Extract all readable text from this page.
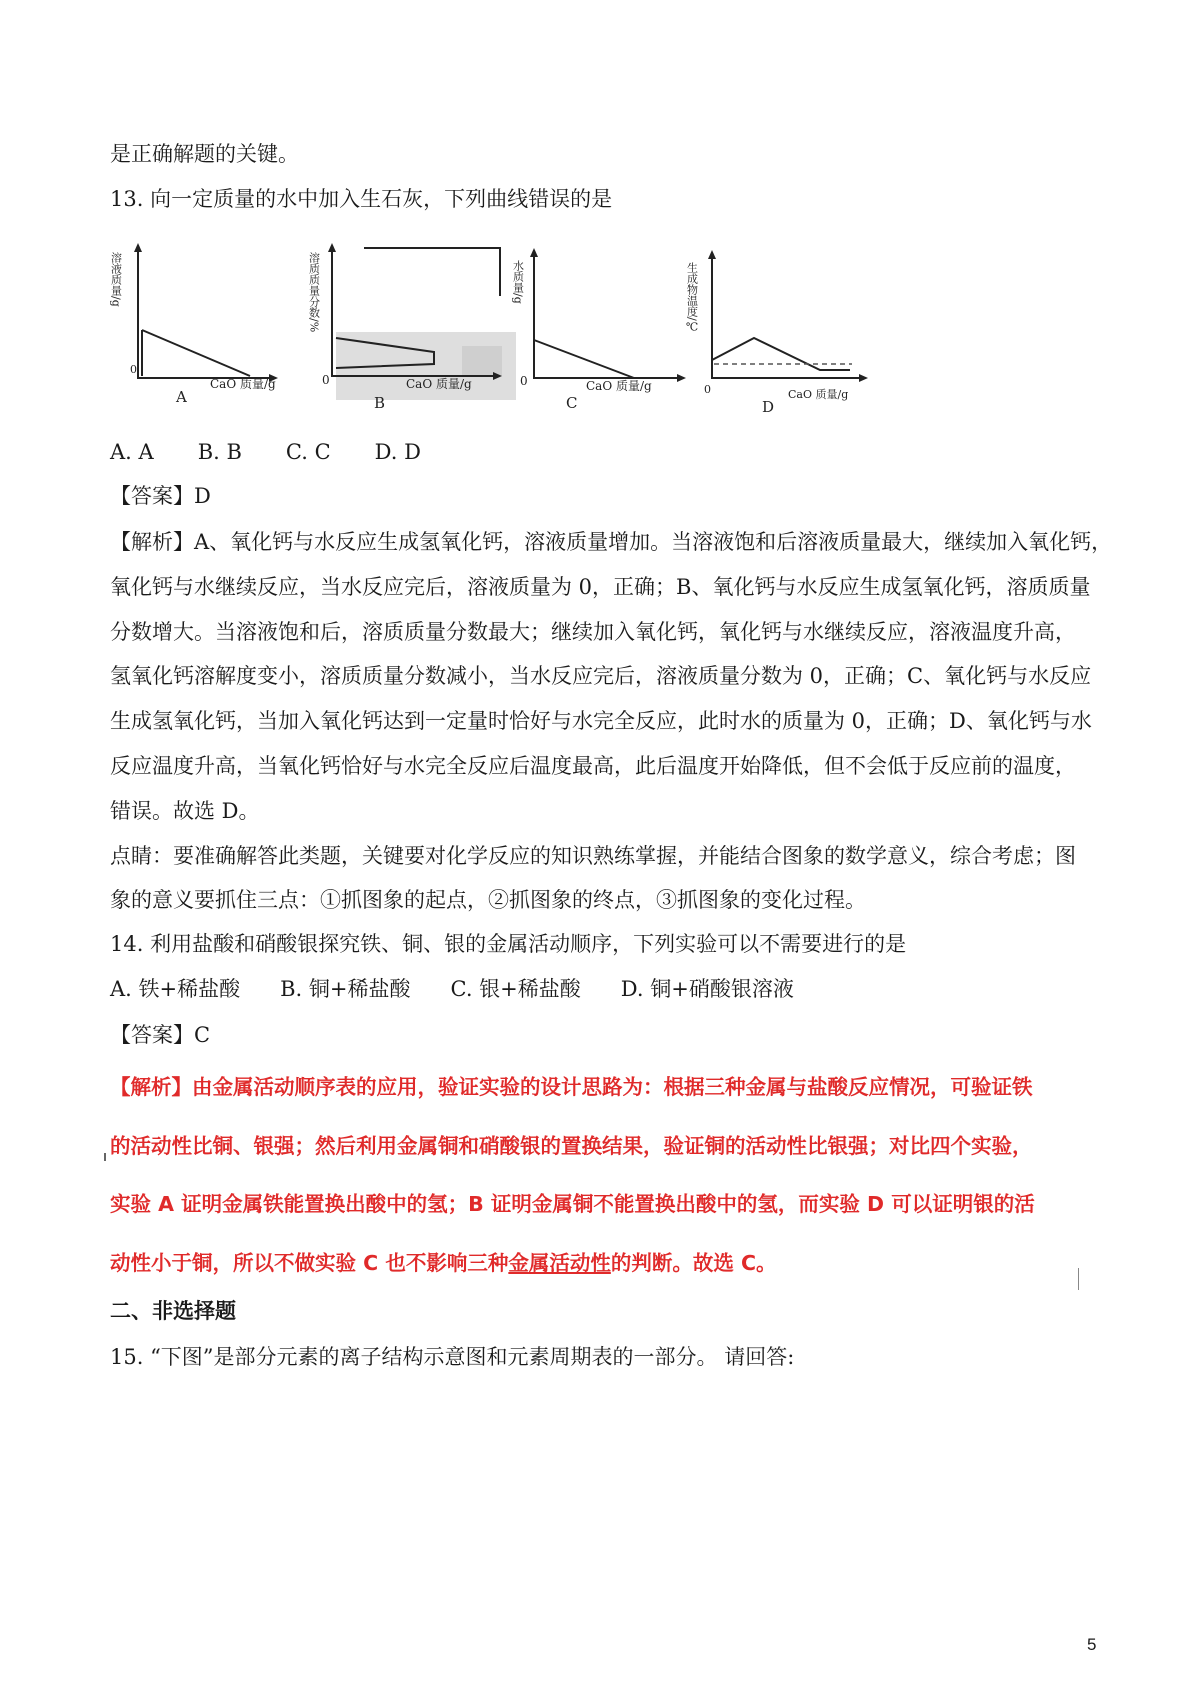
是正确解题的关键。
13. 向一定质量的水中加入生石灰，下列曲线错误的是
溶液质量/g
0
CaO 质量/g
A
溶质质量分数/%
0	CaO 质量/g
B
水质量/g
0	CaO 质量/g
C
生成物温度/℃
0	CaO 质量/g
D
A. A B. B C. C D. D
【答案】D
【解析】A、氧化钙与水反应生成氢氧化钙，溶液质量增加。当溶液饱和后溶液质量最大，继续加入氧化钙，
氧化钙与水继续反应，当水反应完后，溶液质量为 0，正确；B、氧化钙与水反应生成氢氧化钙，溶质质量
分数增大。当溶液饱和后，溶质质量分数最大；继续加入氧化钙，氧化钙与水继续反应，溶液温度升高，
氢氧化钙溶解度变小，溶质质量分数减小，当水反应完后，溶液质量分数为 0，正确；C、氧化钙与水反应
生成氢氧化钙，当加入氧化钙达到一定量时恰好与水完全反应，此时水的质量为 0，正确；D、氧化钙与水
反应温度升高，当氧化钙恰好与水完全反应后温度最高，此后温度开始降低，但不会低于反应前的温度，
错误。故选 D。
点睛：要准确解答此类题，关键要对化学反应的知识熟练掌握，并能结合图象的数学意义，综合考虑；图
象的意义要抓住三点：①抓图象的起点，②抓图象的终点，③抓图象的变化过程。
14. 利用盐酸和硝酸银探究铁、铜、银的金属活动顺序，下列实验可以不需要进行的是
A. 铁+稀盐酸 B. 铜+稀盐酸 C. 银+稀盐酸 D. 铜+硝酸银溶液
【答案】C
【解析】由金属活动顺序表的应用，验证实验的设计思路为：根据三种金属与盐酸反应情况，可验证铁
的活动性比铜、银强；然后利用金属铜和硝酸银的置换结果，验证铜的活动性比银强；对比四个实验，
实验 A 证明金属铁能置换出酸中的氢；B 证明金属铜不能置换出酸中的氢，而实验 D 可以证明银的活
动性小于铜，所以不做实验 C 也不影响三种金属活动性的判断。故选 C。
二、非选择题
15. “下图”是部分元素的离子结构示意图和元素周期表的一部分。 请回答:
5
